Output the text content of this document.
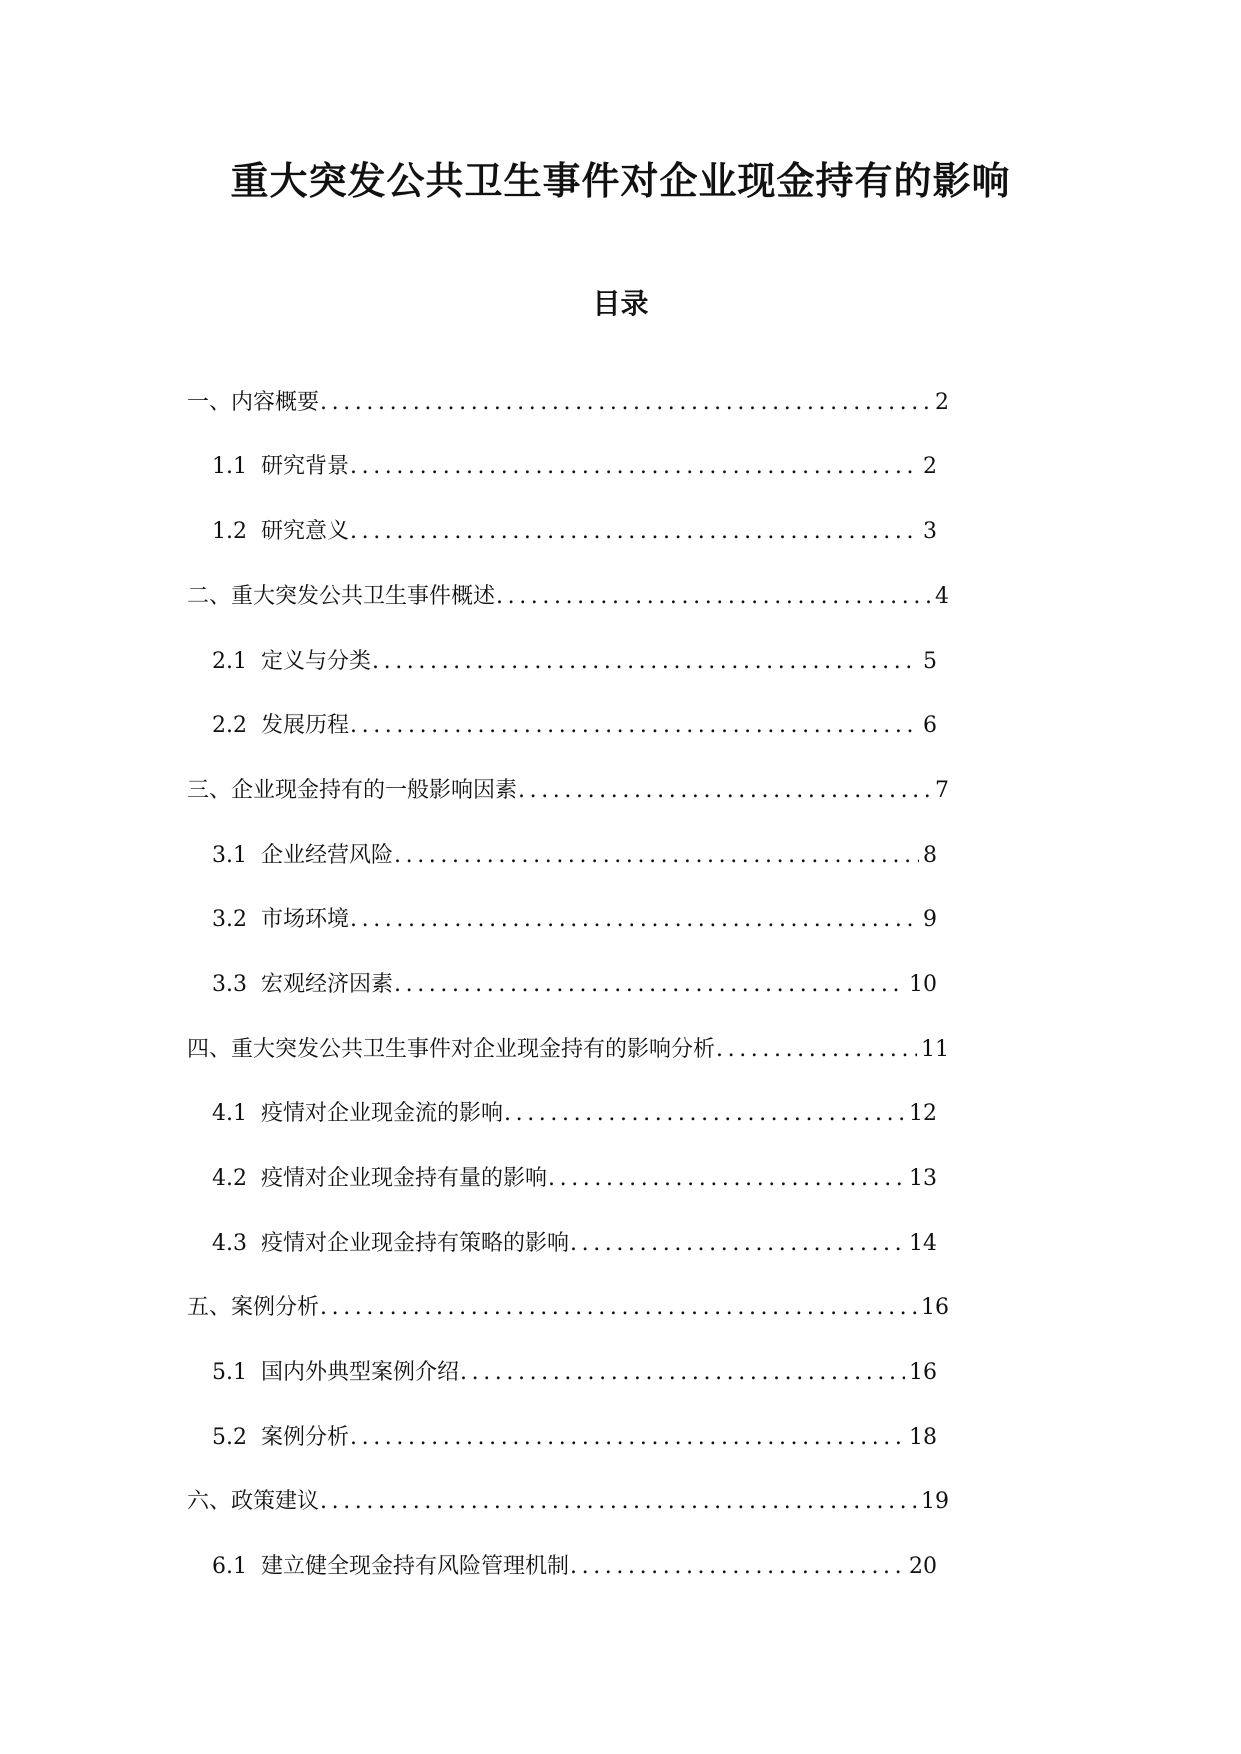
重大突发公共卫生事件对企业现金持有的影响
目录
一、内容概要 .....	2
1.1 研究背景 .....	2
1.2 研究意义 .....	3
二、重大突发公共卫生事件概述 .....	4
2.1 定义与分类 .....	5
2.2 发展历程 .....	6
三、企业现金持有的一般影响因素 .....	7
3.1 企业经营风险 .....	8
3.2 市场环境 .....	9
3.3 宏观经济因素 .....	10
四、重大突发公共卫生事件对企业现金持有的影响分析 .....	11
4.1 疫情对企业现金流的影响 .....	12
4.2 疫情对企业现金持有量的影响 .....	13
4.3 疫情对企业现金持有策略的影响 .....	14
五、案例分析 .....	16
5.1 国内外典型案例介绍 .....	16
5.2 案例分析 .....	18
六、政策建议 .....	19
6.1 建立健全现金持有风险管理机制 .....	20
